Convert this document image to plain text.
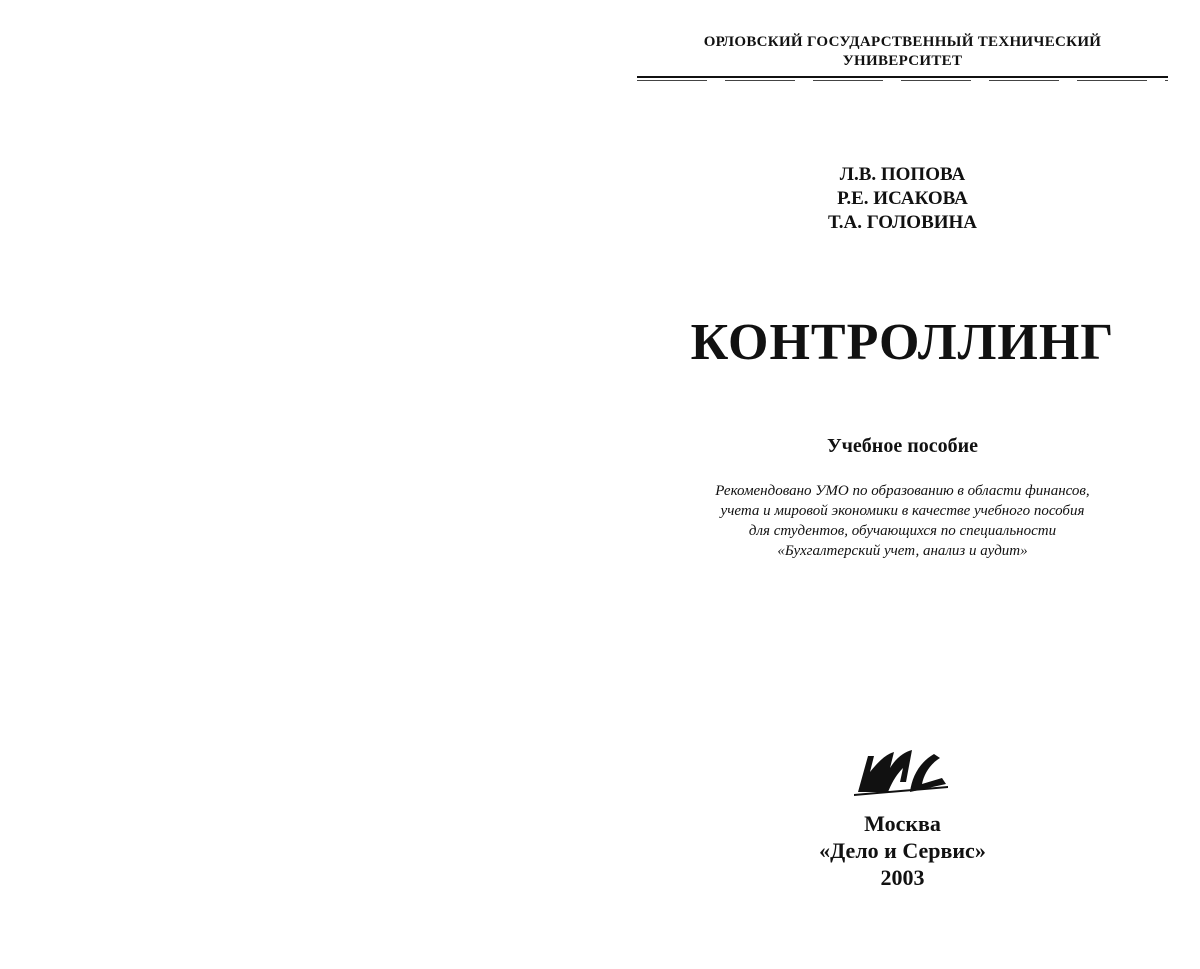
ОРЛОВСКИЙ ГОСУДАРСТВЕННЫЙ ТЕХНИЧЕСКИЙ
УНИВЕРСИТЕТ
Л.В. ПОПОВА
Р.Е. ИСАКОВА
Т.А. ГОЛОВИНА
КОНТРОЛЛИНГ
Учебное пособие
Рекомендовано УМО по образованию в области финансов,
учета и мировой экономики в качестве учебного пособия
для студентов, обучающихся по специальности
«Бухгалтерский учет, анализ и аудит»
Москва
«Дело и Сервис»
2003
